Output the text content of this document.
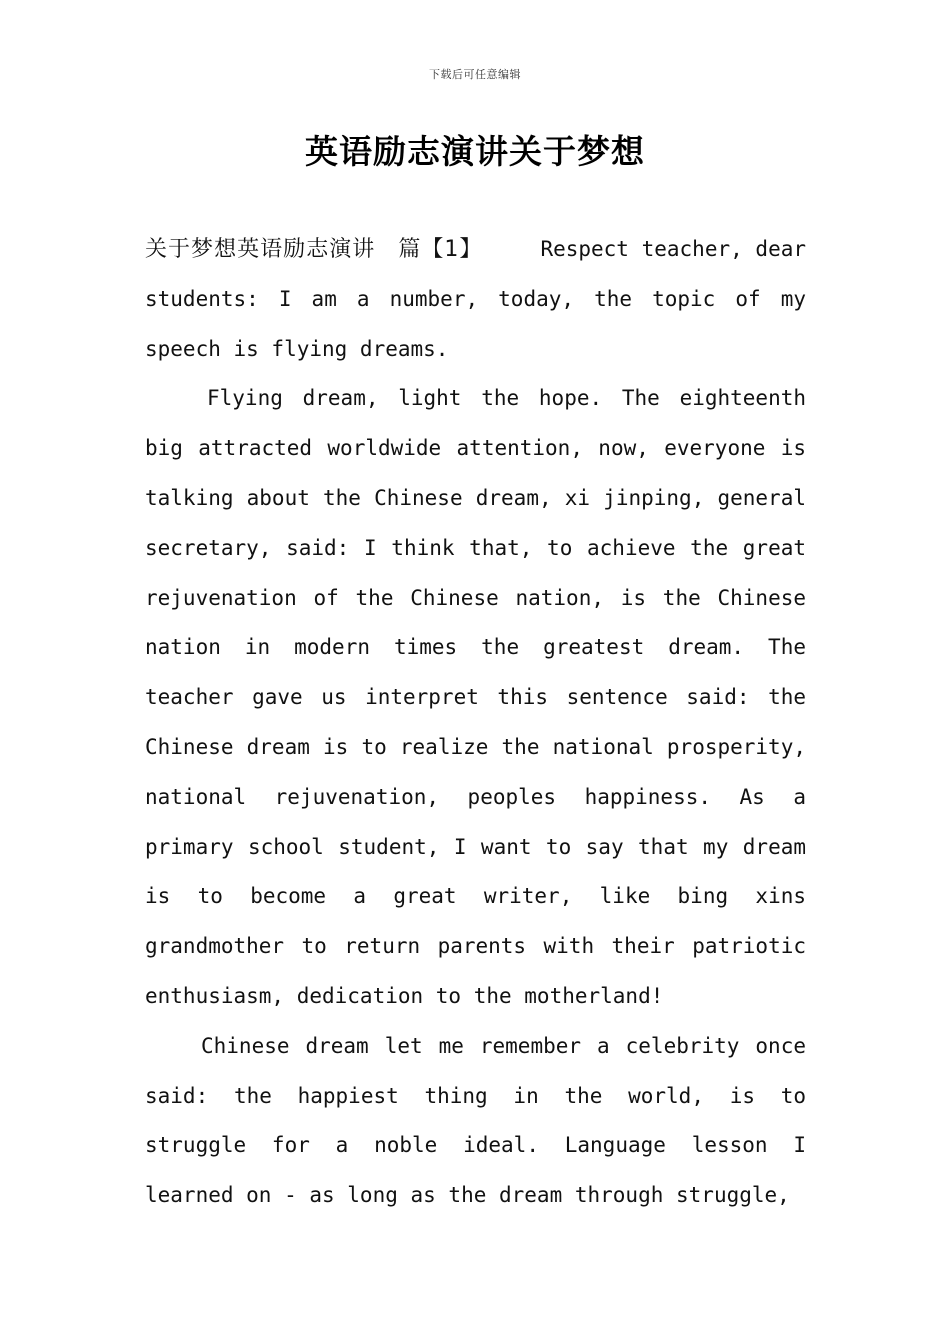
下载后可任意编辑
英语励志演讲关于梦想

关于梦想英语励志演讲　篇【1】	Respect teacher, dear students: I am a number, today, the topic of my speech is flying dreams.

Flying dream, light the hope. The eighteenth big attracted worldwide attention, now, everyone is talking about the Chinese dream, xi jinping, general secretary, said: I think that, to achieve the great rejuvenation of the Chinese nation, is the Chinese nation in modern times the greatest dream. The teacher gave us interpret this sentence said: the Chinese dream is to realize the national prosperity, national rejuvenation, peoples happiness. As a primary school student, I want to say that my dream is to become a great writer, like bing xins grandmother to return parents with their patriotic enthusiasm, dedication to the motherland!

Chinese dream let me remember a celebrity once said: the happiest thing in the world, is to struggle for a noble ideal. Language lesson I learned on - as long as the dream through struggle,
